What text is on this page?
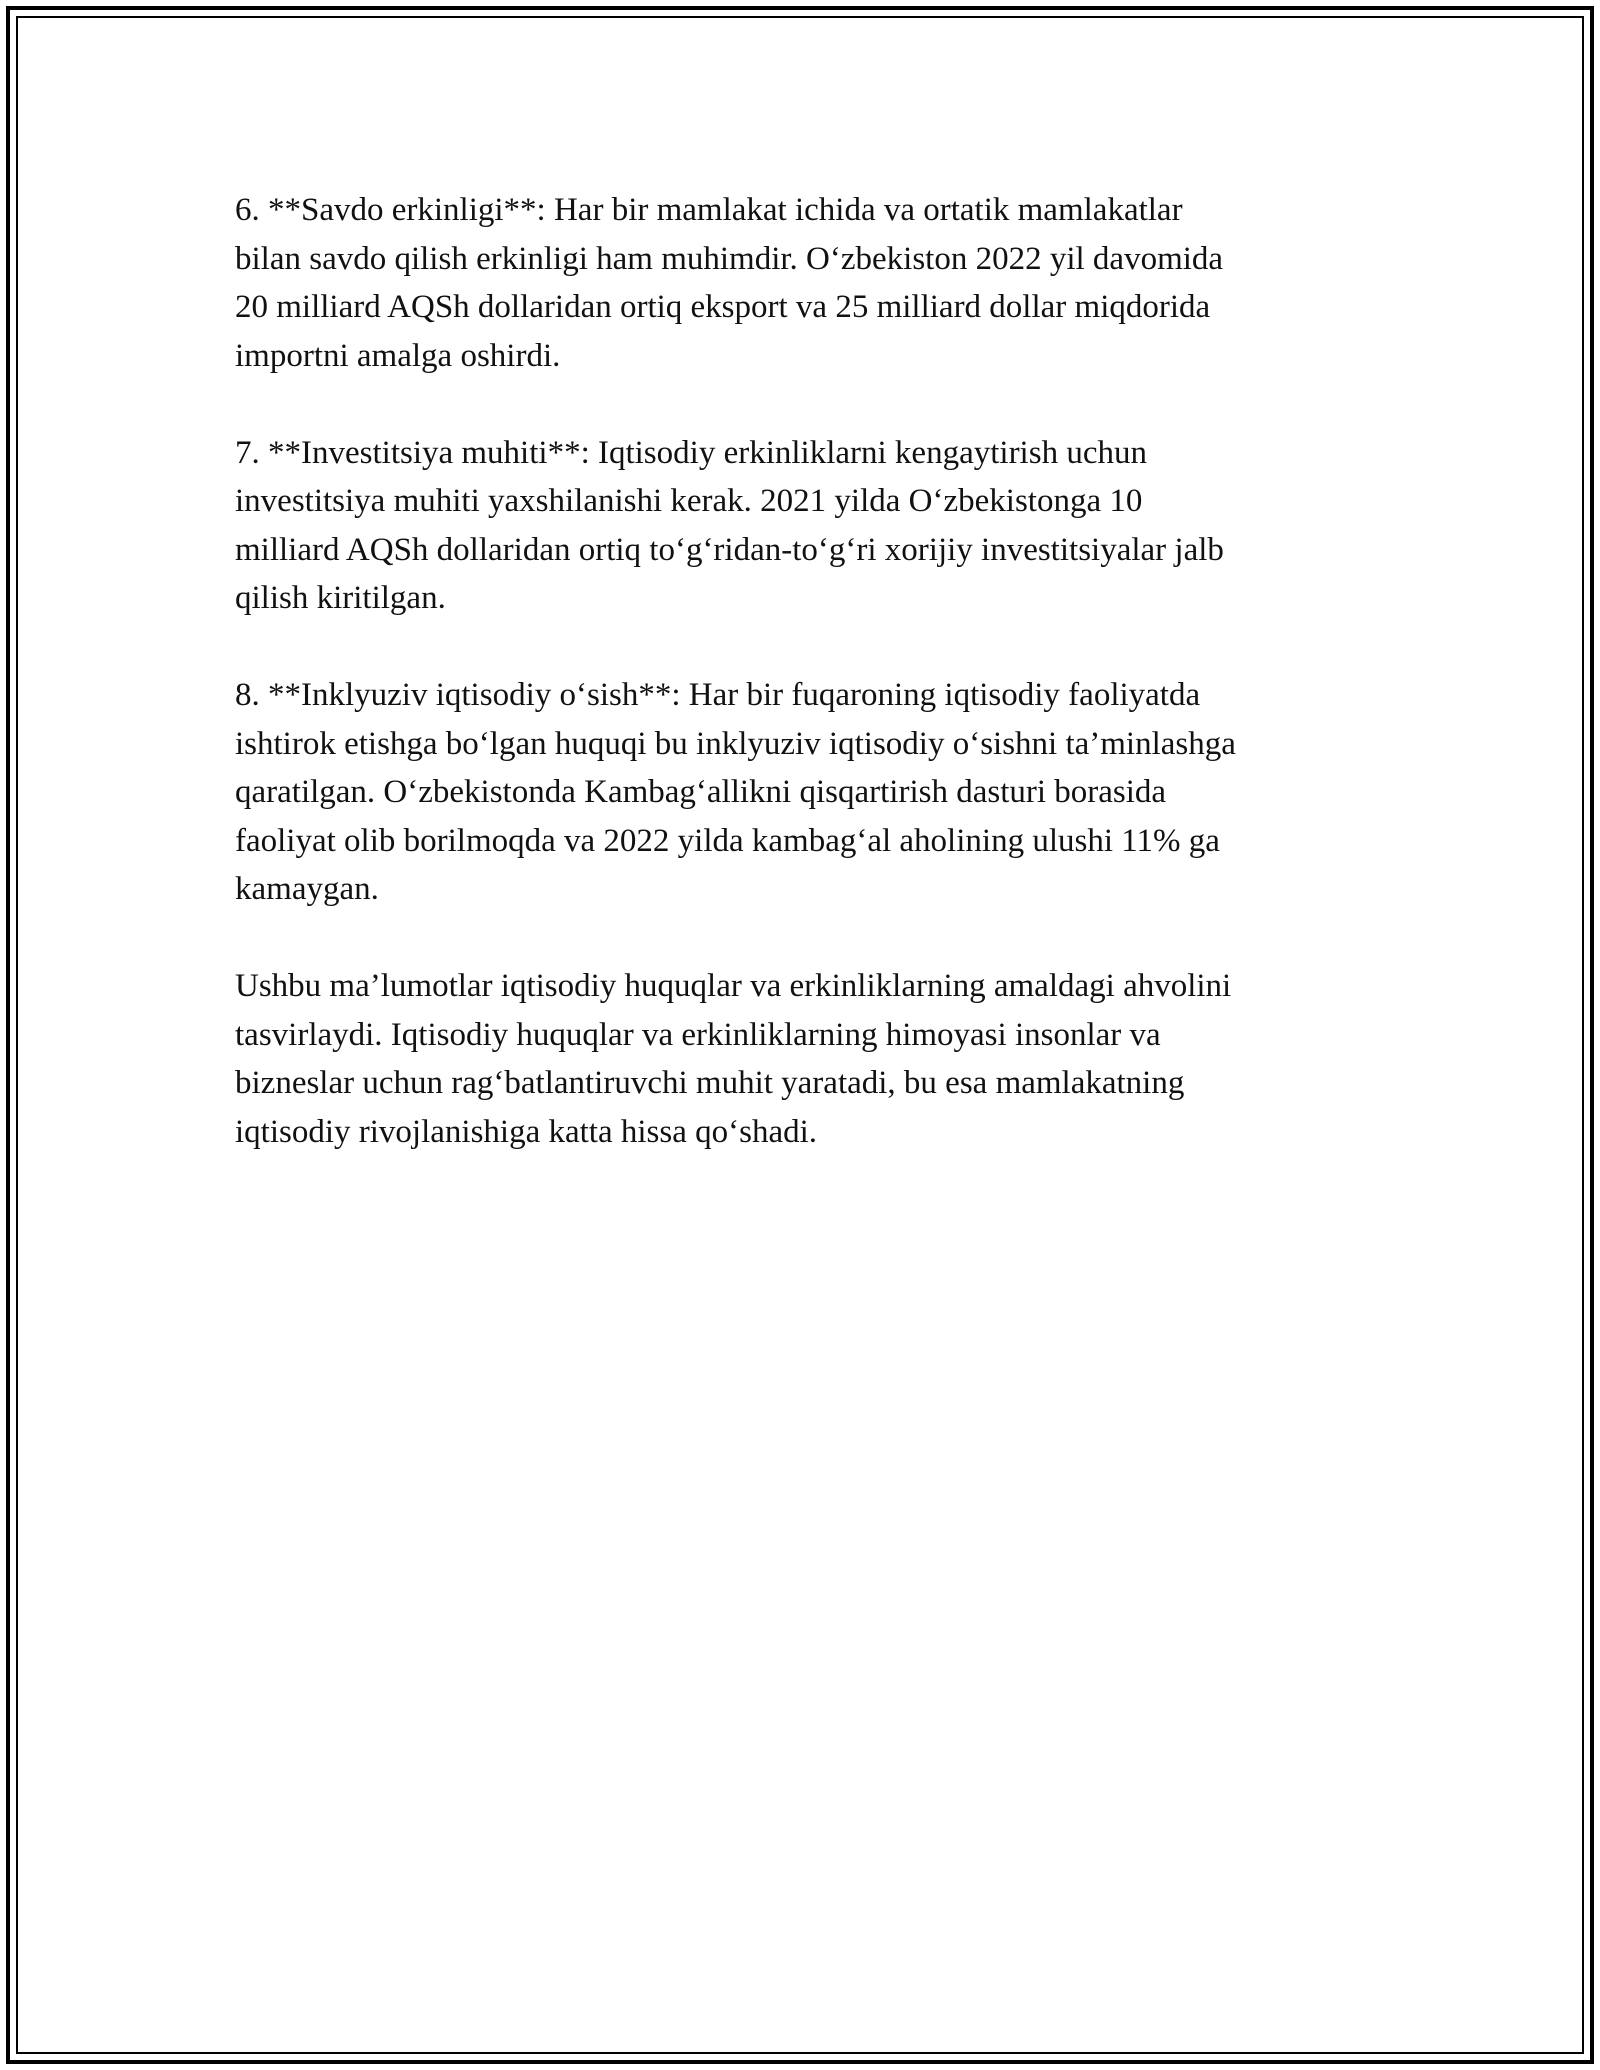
6. **Savdo erkinligi**: Har bir mamlakat ichida va ortatik mamlakatlar
bilan savdo qilish erkinligi ham muhimdir. O‘zbekiston 2022 yil davomida
20 milliard AQSh dollaridan ortiq eksport va 25 milliard dollar miqdorida
importni amalga oshirdi.

7. **Investitsiya muhiti**: Iqtisodiy erkinliklarni kengaytirish uchun
investitsiya muhiti yaxshilanishi kerak. 2021 yilda O‘zbekistonga 10
milliard AQSh dollaridan ortiq to‘g‘ridan-to‘g‘ri xorijiy investitsiyalar jalb
qilish kiritilgan.

8. **Inklyuziv iqtisodiy o‘sish**: Har bir fuqaroning iqtisodiy faoliyatda
ishtirok etishga bo‘lgan huquqi bu inklyuziv iqtisodiy o‘sishni ta’minlashga
qaratilgan. O‘zbekistonda Kambag‘allikni qisqartirish dasturi borasida
faoliyat olib borilmoqda va 2022 yilda kambag‘al aholining ulushi 11% ga
kamaygan.

Ushbu ma’lumotlar iqtisodiy huquqlar va erkinliklarning amaldagi ahvolini
tasvirlaydi. Iqtisodiy huquqlar va erkinliklarning himoyasi insonlar va
bizneslar uchun rag‘batlantiruvchi muhit yaratadi, bu esa mamlakatning
iqtisodiy rivojlanishiga katta hissa qo‘shadi.
